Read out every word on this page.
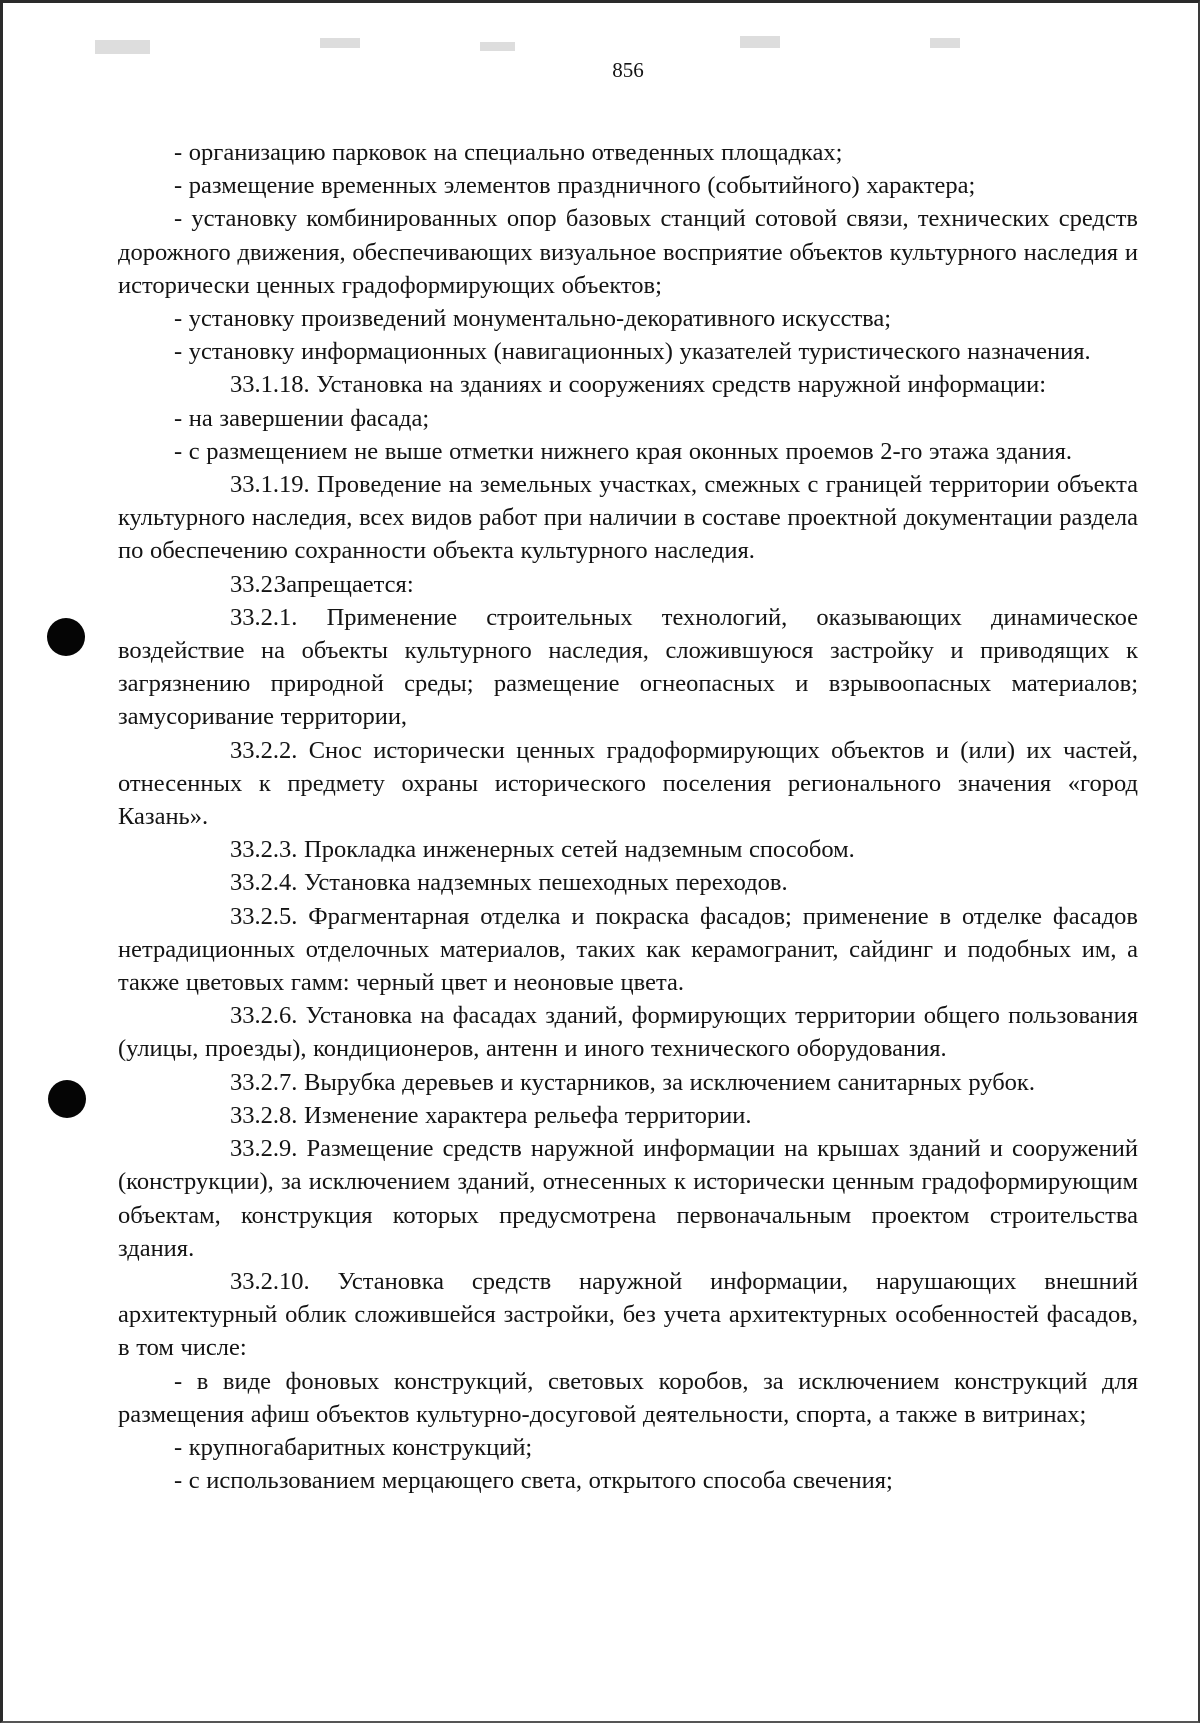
856

- организацию парковок на специально отведенных площадках;

- размещение временных элементов праздничного (событийного) характера;

- установку комбинированных опор базовых станций сотовой связи, технических средств дорожного движения, обеспечивающих визуальное восприятие объектов культурного наследия и исторически ценных градоформирующих объектов;

- установку произведений монументально-декоративного искусства;

- установку информационных (навигационных) указателей туристического назначения.

33.1.18. Установка на зданиях и сооружениях средств наружной информации:

- на завершении фасада;

- с размещением не выше отметки нижнего края оконных проемов 2-го этажа здания.

33.1.19. Проведение на земельных участках, смежных с границей территории объекта культурного наследия, всех видов работ при наличии в составе проектной документации раздела по обеспечению сохранности объекта культурного наследия.

33.2.Запрещается:

33.2.1. Применение строительных технологий, оказывающих динамическое воздействие на объекты культурного наследия, сложившуюся застройку и приводящих к загрязнению природной среды; размещение огнеопасных и взрывоопасных материалов; замусоривание территории,

33.2.2. Снос исторически ценных градоформирующих объектов и (или) их частей, отнесенных к предмету охраны исторического поселения регионального значения «город Казань».

33.2.3. Прокладка инженерных сетей надземным способом.

33.2.4. Установка надземных пешеходных переходов.

33.2.5. Фрагментарная отделка и покраска фасадов; применение в отделке фасадов нетрадиционных отделочных материалов, таких как керамогранит, сайдинг и подобных им, а также цветовых гамм: черный цвет и неоновые цвета.

33.2.6. Установка на фасадах зданий, формирующих территории общего пользования (улицы, проезды), кондиционеров, антенн и иного технического оборудования.

33.2.7. Вырубка деревьев и кустарников, за исключением санитарных рубок.

33.2.8. Изменение характера рельефа территории.

33.2.9. Размещение средств наружной информации на крышах зданий и сооружений (конструкции), за исключением зданий, отнесенных к исторически ценным градоформирующим объектам, конструкция которых предусмотрена первоначальным проектом строительства здания.

33.2.10. Установка средств наружной информации, нарушающих внешний архитектурный облик сложившейся застройки, без учета архитектурных особенностей фасадов, в том числе:

- в виде фоновых конструкций, световых коробов, за исключением конструкций для размещения афиш объектов культурно-досуговой деятельности, спорта, а также в витринах;

- крупногабаритных конструкций;

- с использованием мерцающего света, открытого способа свечения;
